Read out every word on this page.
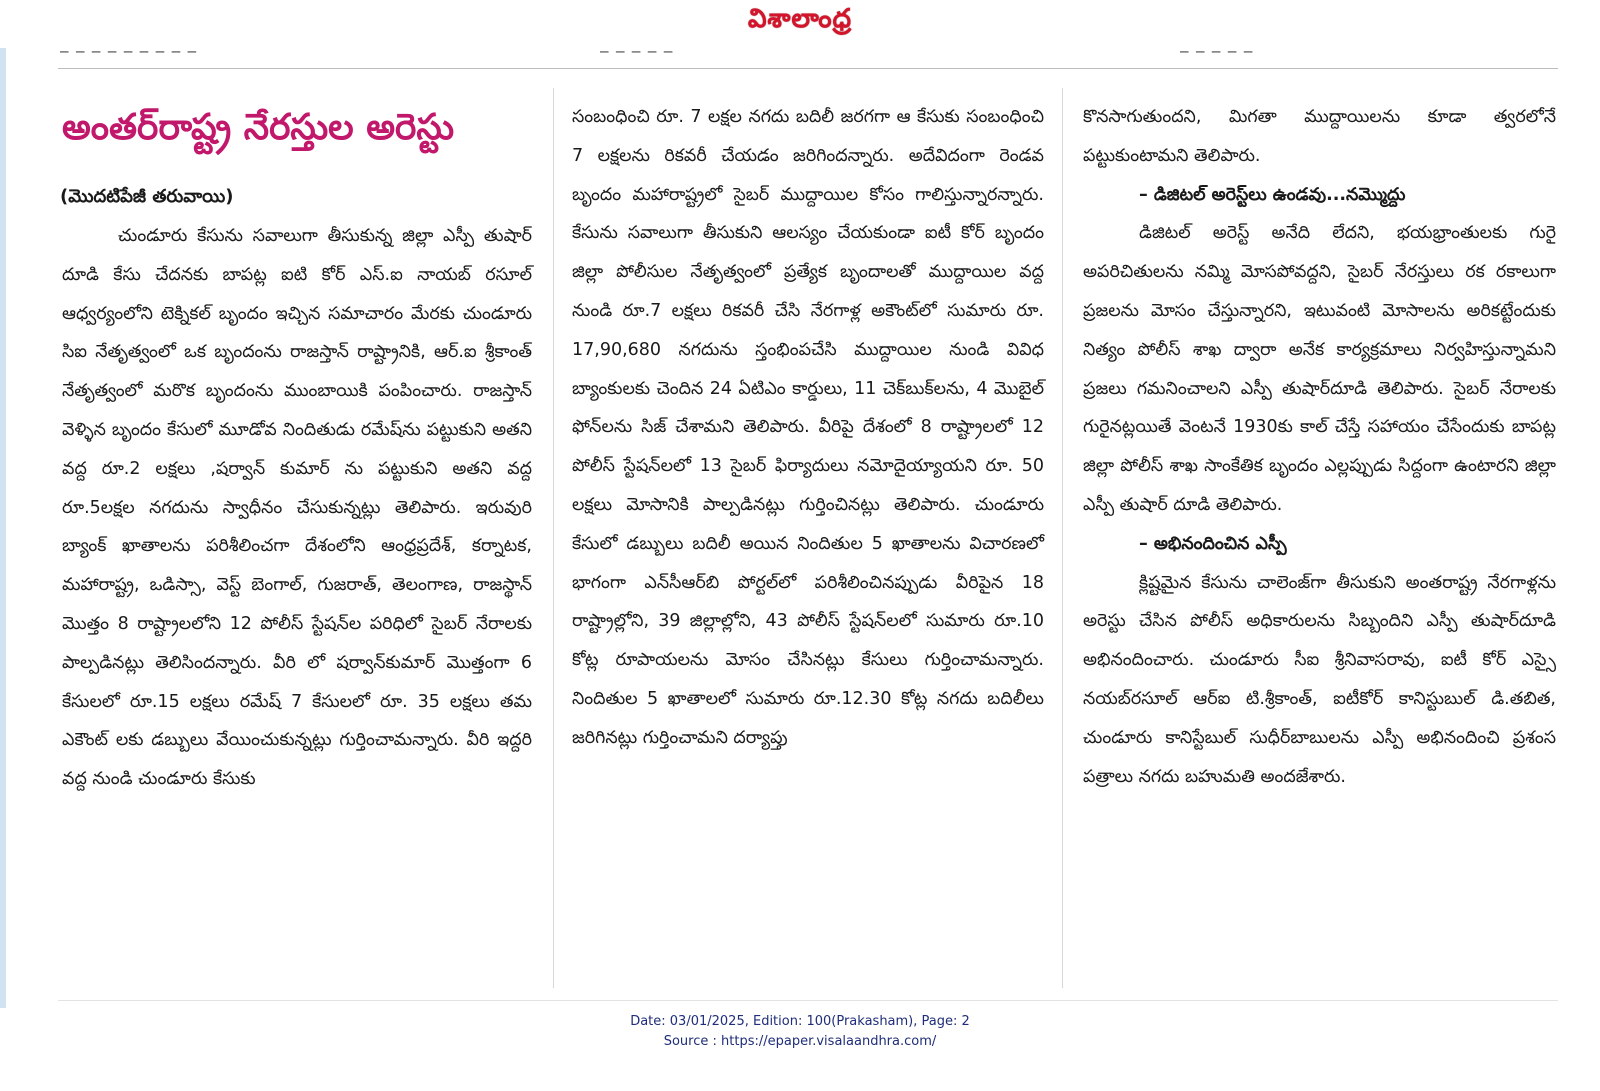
విశాలాంధ్ర
▁ ▁ ▁ ▁ ▁ ▁ ▁ ▁ ▁	▁ ▁ ▁ ▁ ▁	▁ ▁ ▁ ▁ ▁
అంతర్‌రాష్ట్ర నేరస్తుల అరెస్టు
(మొదటిపేజీ తరువాయి)

చుండూరు కేసును సవాలుగా తీసుకున్న జిల్లా ఎస్పీ తుషార్‌ దూడి కేసు చేదనకు బాపట్ల ఐటి కోర్‌ ఎస్‌.ఐ నాయబ్‌ రసూల్‌ ఆధ్వర్యంలోని టెక్నికల్‌ బృందం ఇచ్చిన సమాచారం మేరకు చుండూరు సిఐ నేతృత్వంలో ఒక బృందంను రాజస్తాన్‌ రాష్ట్రానికి, ఆర్‌.ఐ శ్రీకాంత్‌ నేతృత్వంలో మరొక బృందంను ముంబాయికి పంపించారు. రాజస్తాన్‌ వెళ్ళిన బృందం కేసులో మూడోవ నిందితుడు రమేష్‌ను పట్టుకుని అతని వద్ద రూ.2 లక్షలు ,షర్వాన్‌ కుమార్‌ ను పట్టుకుని అతని వద్ద రూ.5లక్షల నగదును స్వాధీనం చేసుకున్నట్లు తెలిపారు. ఇరువురి బ్యాంక్‌ ఖాతాలను పరిశీలించగా దేశంలోని ఆంధ్రప్రదేశ్‌, కర్నాటక, మహారాష్ట్ర, ఒడిస్సా, వెస్ట్‌ బెంగాల్‌, గుజరాత్‌, తెలంగాణ, రాజస్థాన్‌ మొత్తం 8 రాష్ట్రాలలోని 12 పోలీస్‌ స్టేషన్‌ల పరిధిలో సైబర్‌ నేరాలకు పాల్పడినట్లు తెలిసిందన్నారు. వీరి లో షర్వాన్‌కుమార్‌ మొత్తంగా 6 కేసులలో రూ.15 లక్షలు రమేష్‌ 7 కేసులలో రూ. 35 లక్షలు తమ ఎకౌంట్‌ లకు డబ్బులు వేయించుకున్నట్లు గుర్తించామన్నారు. వీరి ఇద్దరి వద్ద నుండి చుండూరు కేసుకు

సంబంధించి రూ. 7 లక్షల నగదు బదిలీ జరగగా ఆ కేసుకు సంబంధించి 7 లక్షలను రికవరీ చేయడం జరిగిందన్నారు. అదేవిదంగా రెండవ బృందం మహారాష్ట్రలో సైబర్‌ ముద్దాయిల కోసం గాలిస్తున్నారన్నారు. కేసును సవాలుగా తీసుకుని ఆలస్యం చేయకుండా ఐటీ కోర్‌ బృందం జిల్లా పోలీసుల నేతృత్వంలో ప్రత్యేక బృందాలతో ముద్దాయిల వద్ద నుండి రూ.7 లక్షలు రికవరీ చేసి నేరగాళ్ల అకౌంట్‌లో సుమారు రూ. 17,90,680 నగదును స్తంభింపచేసి ముద్దాయిల నుండి వివిధ బ్యాంకులకు చెందిన 24 ఏటిఎం కార్డులు, 11 చెక్‌బుక్‌లను, 4 మొబైల్‌ ఫోన్‌లను సిజ్‌ చేశామని తెలిపారు. వీరిపై దేశంలో 8 రాష్ట్రాలలో 12 పోలీస్‌ స్టేషన్‌లలో 13 సైబర్‌ ఫిర్యాదులు నమోదైయ్యాయని రూ. 50 లక్షలు మోసానికి పాల్పడినట్లు గుర్తించినట్లు తెలిపారు. చుండూరు కేసులో డబ్బులు బదిలీ అయిన నిందితుల 5 ఖాతాలను విచారణలో భాగంగా ఎన్‌సీఆర్‌బి పోర్టల్‌లో పరిశీలించినప్పుడు వీరిపైన 18 రాష్ట్రాల్లోని, 39 జిల్లాల్లోని, 43 పోలీస్‌ స్టేషన్‌లలో సుమారు రూ.10 కోట్ల రూపాయలను మోసం చేసినట్లు కేసులు గుర్తించామన్నారు. నిందితుల 5 ఖాతాలలో సుమారు రూ.12.30 కోట్ల నగదు బదిలీలు జరిగినట్లు గుర్తించామని దర్యాప్తు

కొనసాగుతుందని, మిగతా ముద్దాయిలను కూడా త్వరలోనే పట్టుకుంటామని తెలిపారు.

– డిజిటల్‌ అరెస్ట్‌లు ఉండవు...నమ్మొద్దు

డిజిటల్‌ అరెస్ట్‌ అనేది లేదని, భయభ్రాంతులకు గురై అపరిచితులను నమ్మి మోసపోవద్దని, సైబర్‌ నేరస్తులు రక రకాలుగా ప్రజలను మోసం చేస్తున్నారని, ఇటువంటి మోసాలను అరికట్టేందుకు నిత్యం పోలీస్‌ శాఖ ద్వారా అనేక కార్యక్రమాలు నిర్వహిస్తున్నామని ప్రజలు గమనించాలని ఎస్పీ తుషార్‌దూడి తెలిపారు. సైబర్‌ నేరాలకు గురైనట్లయితే వెంటనే 1930కు కాల్‌ చేస్తే సహాయం చేసేందుకు బాపట్ల జిల్లా పోలీస్‌ శాఖ సాంకేతిక బృందం ఎల్లప్పుడు సిద్దంగా ఉంటారని జిల్లా ఎస్పీ తుషార్‌ దూడి తెలిపారు.

– అభినందించిన ఎస్పీ

క్లిష్టమైన కేసును చాలెంజ్‌గా తీసుకుని అంతరాష్ట్ర నేరగాళ్లను అరెస్టు చేసిన పోలీస్‌ అధికారులను సిబ్బందిని ఎస్పీ తుషార్‌దూడి అభినందించారు. చుండూరు సీఐ శ్రీనివాసరావు, ఐటీ కోర్‌ ఎస్సై నయబ్‌రసూల్‌ ఆర్‌ఐ టి.శ్రీకాంత్‌, ఐటీకోర్‌ కానిస్టుబుల్‌ డి.తబిత, చుండూరు కానిస్టేబుల్‌ సుధీర్‌బాబులను ఎస్పీ అభినందించి ప్రశంస పత్రాలు నగదు బహుమతి అందజేశారు.

Date: 03/01/2025, Edition: 100(Prakasham), Page: 2
Source : https://epaper.visalaandhra.com/
